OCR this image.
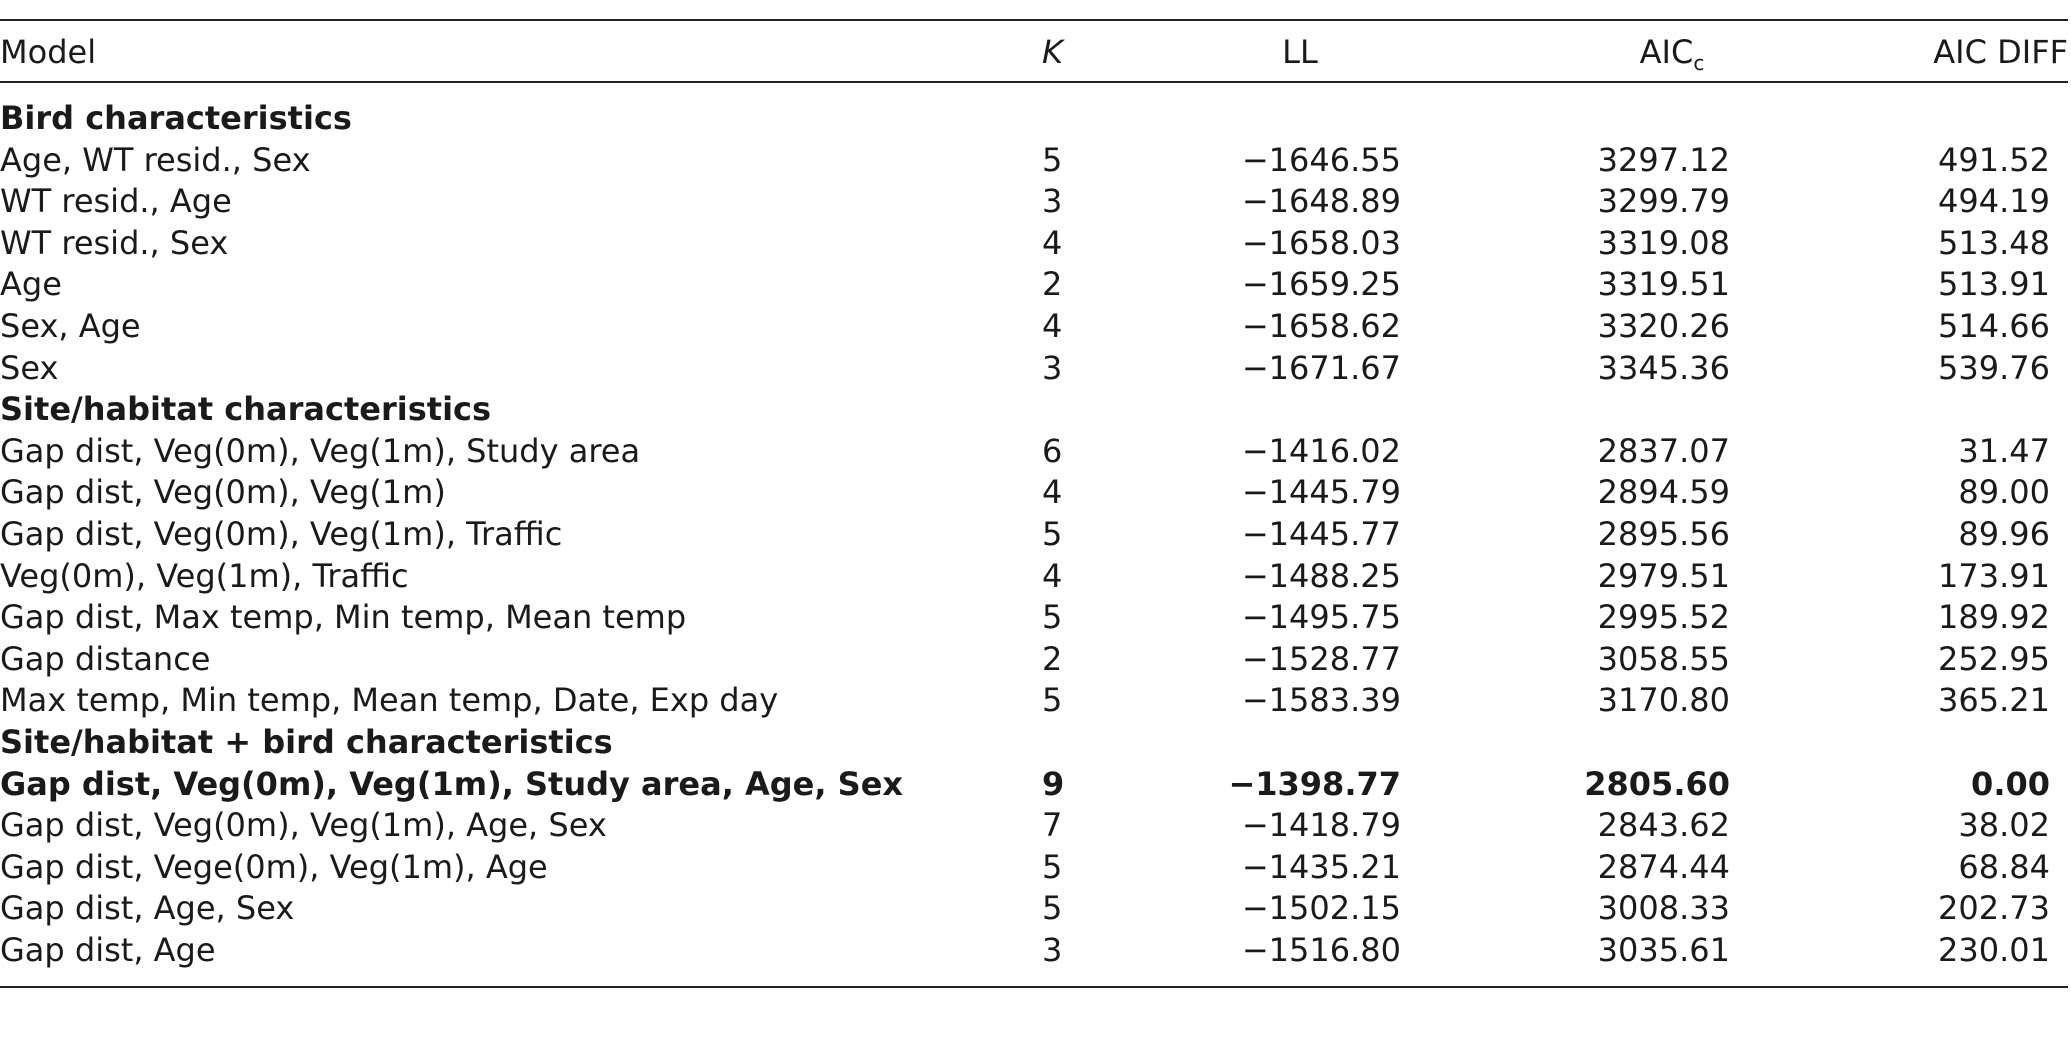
Model	K	LL	$AIC_c$	AIC DIFF
Bird characteristics
Age, WT resid., Sex	5	−1646.55	3297.12	491.52
WT resid., Age	3	−1648.89	3299.79	494.19
WT resid., Sex	4	−1658.03	3319.08	513.48
Age	2	−1659.25	3319.51	513.91
Sex, Age	4	−1658.62	3320.26	514.66
Sex	3	−1671.67	3345.36	539.76
Site/habitat characteristics
Gap dist, Veg(0m), Veg(1m), Study area	6	−1416.02	2837.07	31.47
Gap dist, Veg(0m), Veg(1m)	4	−1445.79	2894.59	89.00
Gap dist, Veg(0m), Veg(1m), Traffic	5	−1445.77	2895.56	89.96
Veg(0m), Veg(1m), Traffic	4	−1488.25	2979.51	173.91
Gap dist, Max temp, Min temp, Mean temp	5	−1495.75	2995.52	189.92
Gap distance	2	−1528.77	3058.55	252.95
Max temp, Min temp, Mean temp, Date, Exp day	5	−1583.39	3170.80	365.21
Site/habitat + bird characteristics
Gap dist, Veg(0m), Veg(1m), Study area, Age, Sex	9	−1398.77	2805.60	0.00
Gap dist, Veg(0m), Veg(1m), Age, Sex	7	−1418.79	2843.62	38.02
Gap dist, Vege(0m), Veg(1m), Age	5	−1435.21	2874.44	68.84
Gap dist, Age, Sex	5	−1502.15	3008.33	202.73
Gap dist, Age	3	−1516.80	3035.61	230.01
